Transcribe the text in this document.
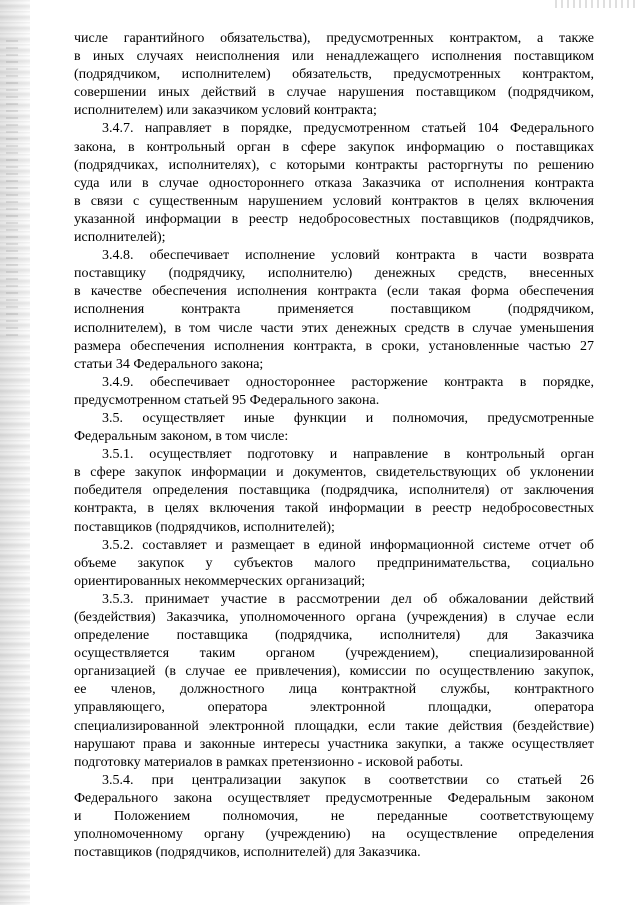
числе гарантийного обязательства), предусмотренных контрактом, а также
в иных случаях неисполнения или ненадлежащего исполнения поставщиком
(подрядчиком, исполнителем) обязательств, предусмотренных контрактом,
совершении иных действий в случае нарушения поставщиком (подрядчиком,
исполнителем) или заказчиком условий контракта;
3.4.7. направляет в порядке, предусмотренном статьей 104 Федерального
закона, в контрольный орган в сфере закупок информацию о поставщиках
(подрядчиках, исполнителях), с которыми контракты расторгнуты по решению
суда или в случае одностороннего отказа Заказчика от исполнения контракта
в связи с существенным нарушением условий контрактов в целях включения
указанной информации в реестр недобросовестных поставщиков (подрядчиков,
исполнителей);
3.4.8. обеспечивает исполнение условий контракта в части возврата
поставщику (подрядчику, исполнителю) денежных средств, внесенных
в качестве обеспечения исполнения контракта (если такая форма обеспечения
исполнения контракта применяется поставщиком (подрядчиком,
исполнителем), в том числе части этих денежных средств в случае уменьшения
размера обеспечения исполнения контракта, в сроки, установленные частью 27
статьи 34 Федерального закона;
3.4.9. обеспечивает одностороннее расторжение контракта в порядке,
предусмотренном статьей 95 Федерального закона.
3.5. осуществляет иные функции и полномочия, предусмотренные
Федеральным законом, в том числе:
3.5.1. осуществляет подготовку и направление в контрольный орган
в сфере закупок информации и документов, свидетельствующих об уклонении
победителя определения поставщика (подрядчика, исполнителя) от заключения
контракта, в целях включения такой информации в реестр недобросовестных
поставщиков (подрядчиков, исполнителей);
3.5.2. составляет и размещает в единой информационной системе отчет об
объеме закупок у субъектов малого предпринимательства, социально
ориентированных некоммерческих организаций;
3.5.3. принимает участие в рассмотрении дел об обжаловании действий
(бездействия) Заказчика, уполномоченного органа (учреждения) в случае если
определение поставщика (подрядчика, исполнителя) для Заказчика
осуществляется таким органом (учреждением), специализированной
организацией (в случае ее привлечения), комиссии по осуществлению закупок,
ее членов, должностного лица контрактной службы, контрактного
управляющего, оператора электронной площадки, оператора
специализированной электронной площадки, если такие действия (бездействие)
нарушают права и законные интересы участника закупки, а также осуществляет
подготовку материалов в рамках претензионно - исковой работы.
3.5.4. при централизации закупок в соответствии со статьей 26
Федерального закона осуществляет предусмотренные Федеральным законом
и Положением полномочия, не переданные соответствующему
уполномоченному органу (учреждению) на осуществление определения
поставщиков (подрядчиков, исполнителей) для Заказчика.
